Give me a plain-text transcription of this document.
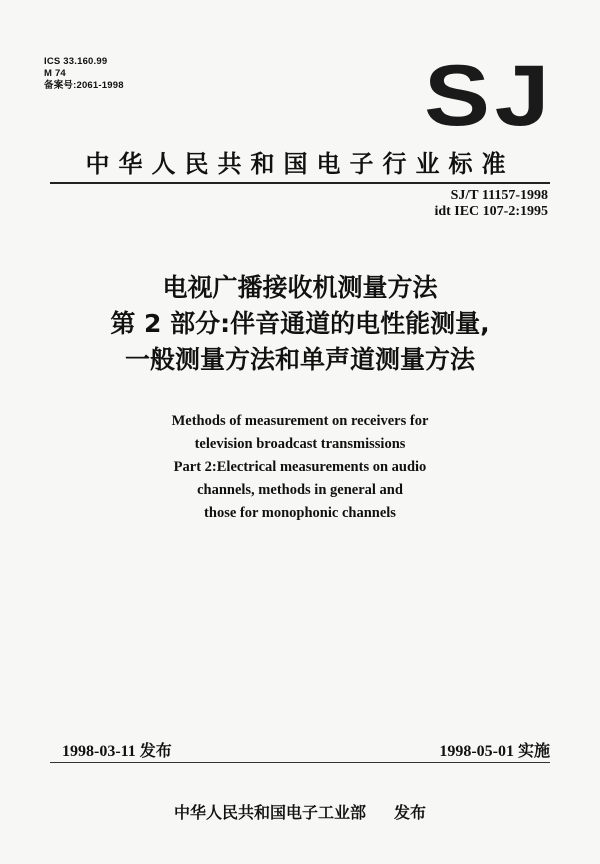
ICS 33.160.99
M 74
备案号:2061-1998	SJ
中华人民共和国电子行业标准
SJ/T 11157-1998
idt IEC 107-2:1995
电视广播接收机测量方法
第 2 部分:伴音通道的电性能测量,
一般测量方法和单声道测量方法
Methods of measurement on receivers for
television broadcast transmissions
Part 2:Electrical measurements on audio
channels, methods in general and
those for monophonic channels
1998-03-11 发布	1998-05-01 实施
中华人民共和国电子工业部 发布
